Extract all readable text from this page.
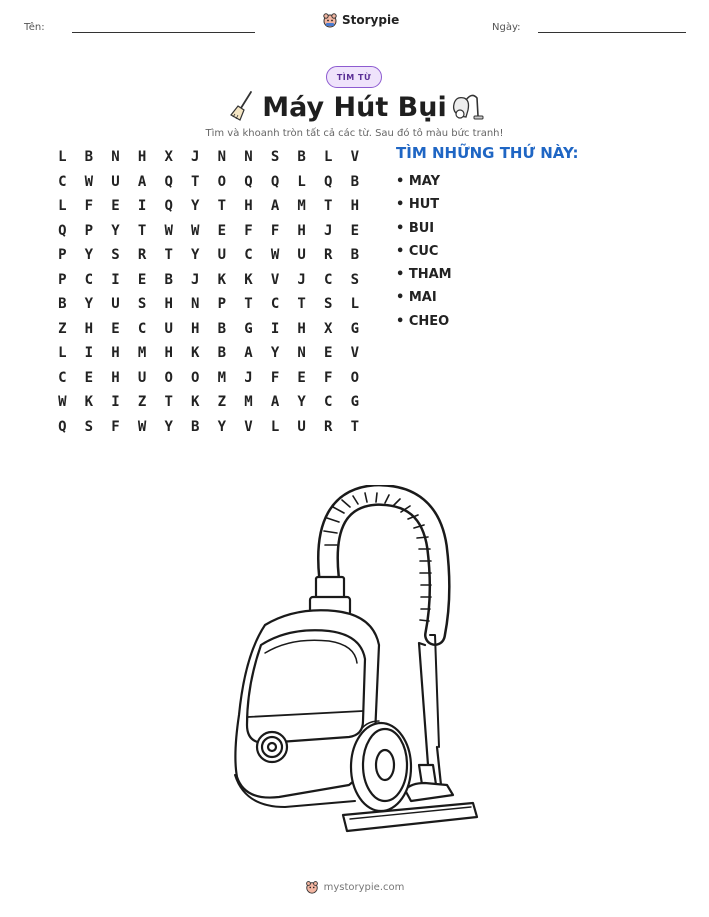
Tên:
Storypie
Ngày:
TÌM TỪ
Máy Hút Bụi
Tìm và khoanh tròn tất cả các từ. Sau đó tô màu bức tranh!
L	B	N	H	X	J	N	N	S	B	L	V
C	W	U	A	Q	T	O	Q	Q	L	Q	B
L	F	E	I	Q	Y	T	H	A	M	T	H
Q	P	Y	T	W	W	E	F	F	H	J	E
P	Y	S	R	T	Y	U	C	W	U	R	B
P	C	I	E	B	J	K	K	V	J	C	S
B	Y	U	S	H	N	P	T	C	T	S	L
Z	H	E	C	U	H	B	G	I	H	X	G
L	I	H	M	H	K	B	A	Y	N	E	V
C	E	H	U	O	O	M	J	F	E	F	O
W	K	I	Z	T	K	Z	M	A	Y	C	G
Q	S	F	W	Y	B	Y	V	L	U	R	T
TÌM NHỮNG THỨ NÀY:
• MAY
• HUT
• BUI
• CUC
• THAM
• MAI
• CHEO
mystorypie.com
